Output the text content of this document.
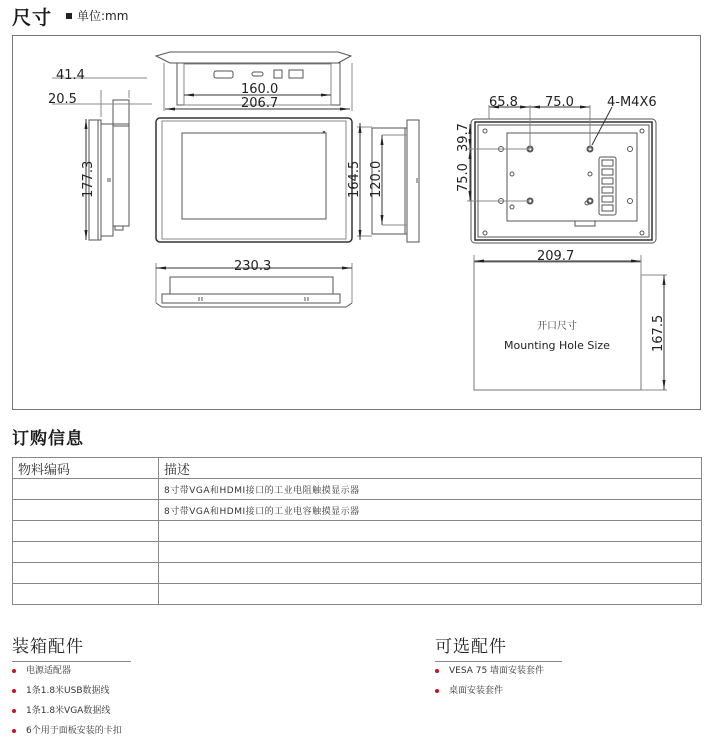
尺寸	单位:mm
41.4
20.5
177.3
160.0
206.7
164.5 120.0
230.3
65.8 75.0	4-M4X6
39.7
75.0
209.7
167.5
开口尺寸
Mounting Hole Size
订购信息
物料编码	描述
	8寸带VGA和HDMI接口的工业电阻触摸显示器
	8寸带VGA和HDMI接口的工业电容触摸显示器

装箱配件
电源适配器
1条1.8米USB数据线
1条1.8米VGA数据线
6个用于面板安装的卡扣
可选配件
VESA 75 墙面安装套件
桌面安装套件
